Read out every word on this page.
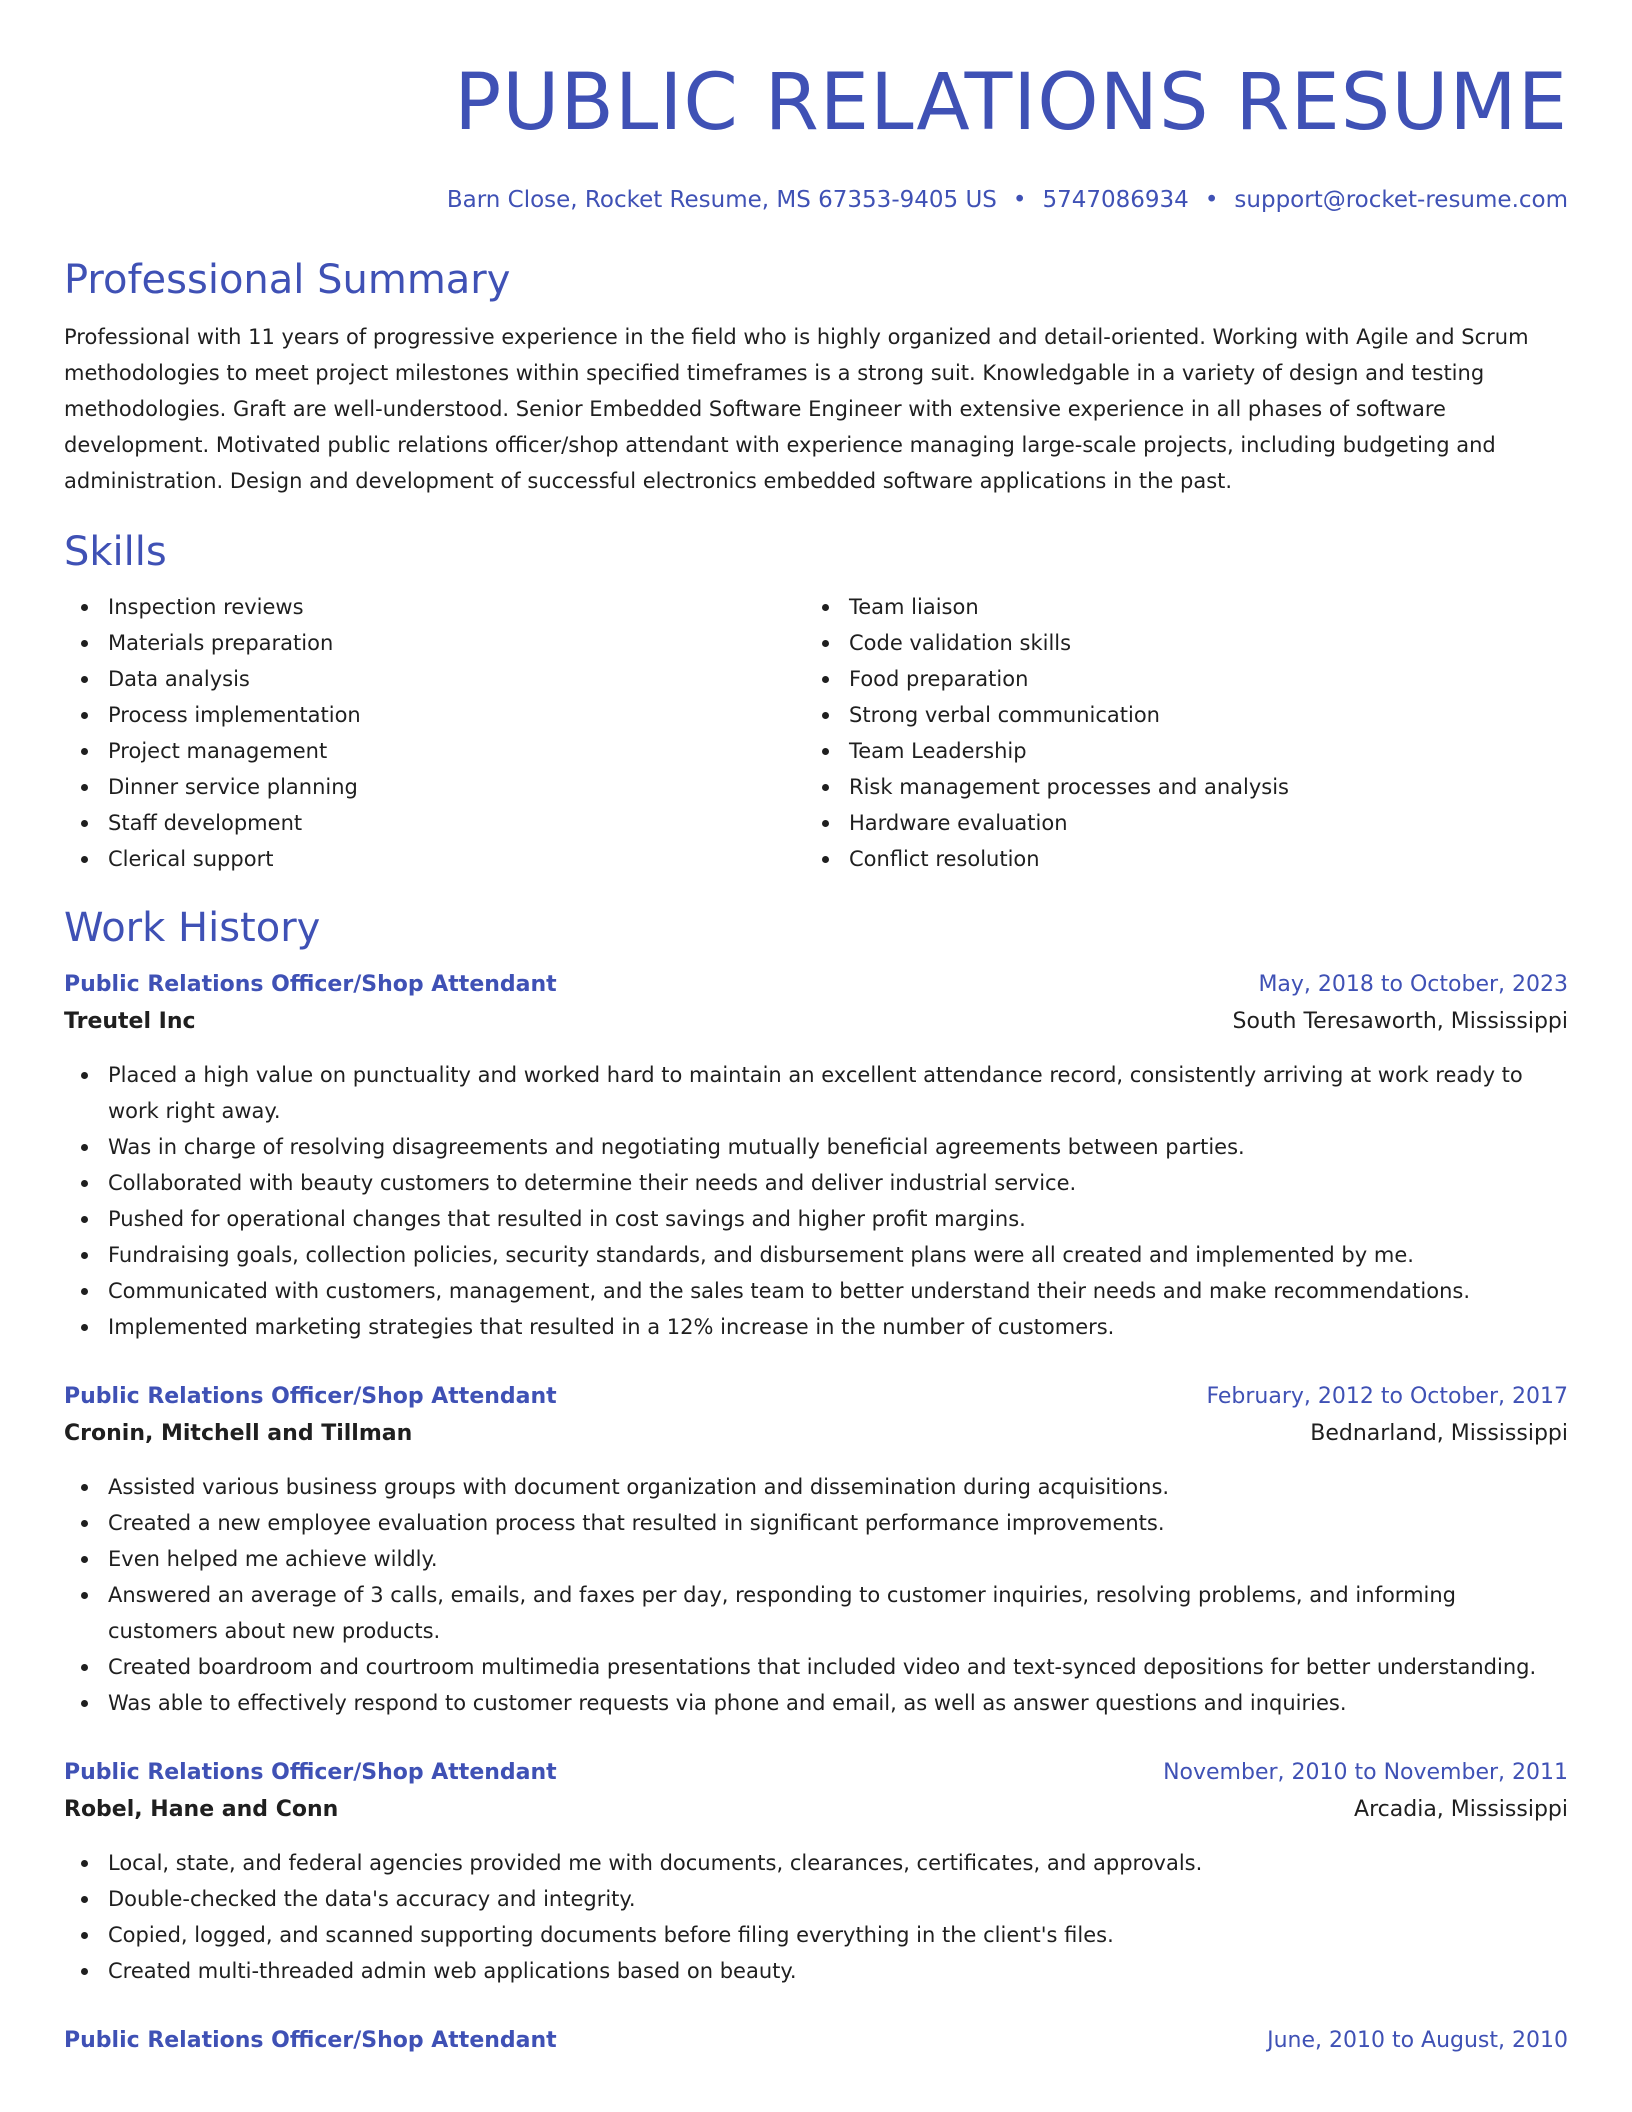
PUBLIC RELATIONS RESUME
Barn Close, Rocket Resume, MS 67353-9405 US • 5747086934 • support@rocket-resume.com
Professional Summary
Professional with 11 years of progressive experience in the field who is highly organized and detail-oriented. Working with Agile and Scrum methodologies to meet project milestones within specified timeframes is a strong suit. Knowledgable in a variety of design and testing methodologies. Graft are well-understood. Senior Embedded Software Engineer with extensive experience in all phases of software development. Motivated public relations officer/shop attendant with experience managing large-scale projects, including budgeting and administration. Design and development of successful electronics embedded software applications in the past.
Skills
Inspection reviews
Materials preparation
Data analysis
Process implementation
Project management
Dinner service planning
Staff development
Clerical support
Team liaison
Code validation skills
Food preparation
Strong verbal communication
Team Leadership
Risk management processes and analysis
Hardware evaluation
Conflict resolution
Work History
Public Relations Officer/Shop Attendant	May, 2018 to October, 2023
Treutel Inc	South Teresaworth, Mississippi
Placed a high value on punctuality and worked hard to maintain an excellent attendance record, consistently arriving at work ready to work right away.
Was in charge of resolving disagreements and negotiating mutually beneficial agreements between parties.
Collaborated with beauty customers to determine their needs and deliver industrial service.
Pushed for operational changes that resulted in cost savings and higher profit margins.
Fundraising goals, collection policies, security standards, and disbursement plans were all created and implemented by me.
Communicated with customers, management, and the sales team to better understand their needs and make recommendations.
Implemented marketing strategies that resulted in a 12% increase in the number of customers.
Public Relations Officer/Shop Attendant	February, 2012 to October, 2017
Cronin, Mitchell and Tillman	Bednarland, Mississippi
Assisted various business groups with document organization and dissemination during acquisitions.
Created a new employee evaluation process that resulted in significant performance improvements.
Even helped me achieve wildly.
Answered an average of 3 calls, emails, and faxes per day, responding to customer inquiries, resolving problems, and informing customers about new products.
Created boardroom and courtroom multimedia presentations that included video and text-synced depositions for better understanding.
Was able to effectively respond to customer requests via phone and email, as well as answer questions and inquiries.
Public Relations Officer/Shop Attendant	November, 2010 to November, 2011
Robel, Hane and Conn	Arcadia, Mississippi
Local, state, and federal agencies provided me with documents, clearances, certificates, and approvals.
Double-checked the data's accuracy and integrity.
Copied, logged, and scanned supporting documents before filing everything in the client's files.
Created multi-threaded admin web applications based on beauty.
Public Relations Officer/Shop Attendant	June, 2010 to August, 2010
